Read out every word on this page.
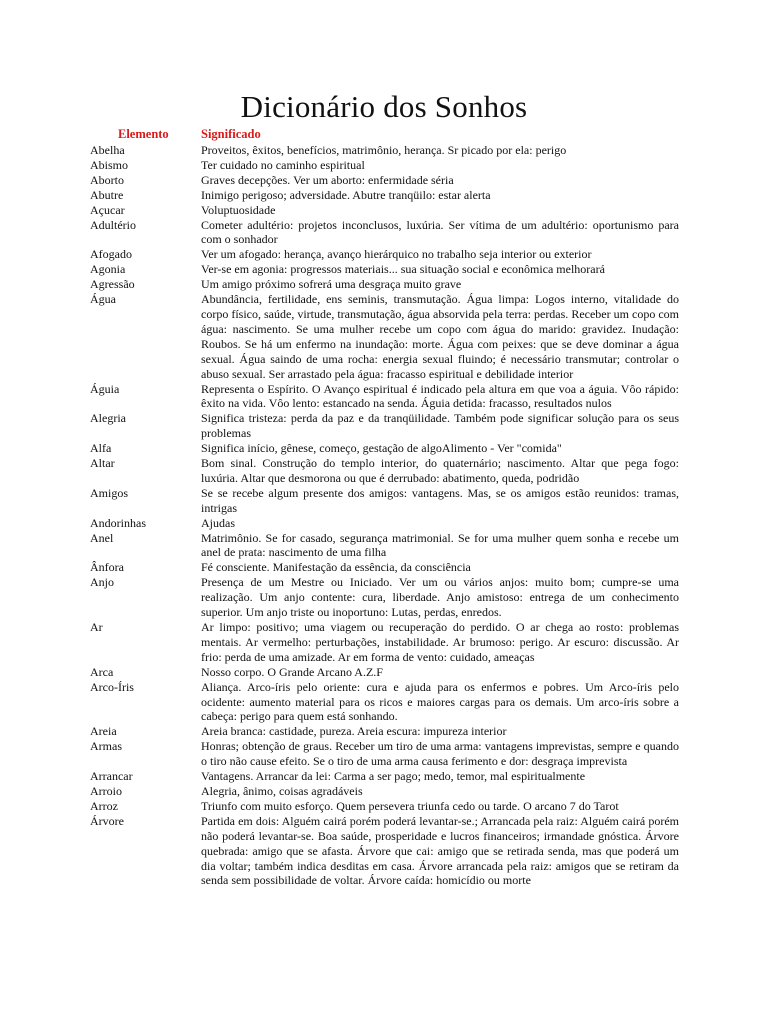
Dicionário dos Sonhos
Elemento	Significado
Abelha	Proveitos, êxitos, benefícios, matrimônio, herança. Sr picado por ela: perigo
Abismo	Ter cuidado no caminho espiritual
Aborto	Graves decepções. Ver um aborto: enfermidade séria
Abutre	Inimigo perigoso; adversidade. Abutre tranqüilo: estar alerta
Açucar	Voluptuosidade
Adultério	Cometer adultério: projetos inconclusos, luxúria. Ser vítima de um adultério: oportunismo para com o sonhador
Afogado	Ver um afogado: herança, avanço hierárquico no trabalho seja interior ou exterior
Agonia	Ver-se em agonia: progressos materiais... sua situação social e econômica melhorará
Agressão	Um amigo próximo sofrerá uma desgraça muito grave
Água	Abundância, fertilidade, ens seminis, transmutação. Água limpa: Logos interno, vitalidade do corpo físico, saúde, virtude, transmutação, água absorvida pela terra: perdas. Receber um copo com água: nascimento. Se uma mulher recebe um copo com água do marido: gravidez. Inudação: Roubos. Se há um enfermo na inundação: morte. Água com peixes: que se deve dominar a água sexual. Água saindo de uma rocha: energia sexual fluindo; é necessário transmutar; controlar o abuso sexual. Ser arrastado pela água: fracasso espiritual e debilidade interior
Águia	Representa o Espírito. O Avanço espiritual é indicado pela altura em que voa a águia. Vôo rápido: êxito na vida. Vôo lento: estancado na senda. Águia detida: fracasso, resultados nulos
Alegria	Significa tristeza: perda da paz e da tranqüilidade. Também pode significar solução para os seus problemas
Alfa	Significa início, gênese, começo, gestação de algoAlimento - Ver "comida"
Altar	Bom sinal. Construção do templo interior, do quaternário; nascimento. Altar que pega fogo: luxúria. Altar que desmorona ou que é derrubado: abatimento, queda, podridão
Amigos	Se se recebe algum presente dos amigos: vantagens. Mas, se os amigos estão reunidos: tramas, intrigas
Andorinhas	Ajudas
Anel	Matrimônio. Se for casado, segurança matrimonial. Se for uma mulher quem sonha e recebe um anel de prata: nascimento de uma filha
Ânfora	Fé consciente. Manifestação da essência, da consciência
Anjo	Presença de um Mestre ou Iniciado. Ver um ou vários anjos: muito bom; cumpre-se uma realização. Um anjo contente: cura, liberdade. Anjo amistoso: entrega de um conhecimento superior. Um anjo triste ou inoportuno: Lutas, perdas, enredos.
Ar	Ar limpo: positivo; uma viagem ou recuperação do perdido. O ar chega ao rosto: problemas mentais. Ar vermelho: perturbações, instabilidade. Ar brumoso: perigo. Ar escuro: discussão. Ar frio: perda de uma amizade. Ar em forma de vento: cuidado, ameaças
Arca	Nosso corpo. O Grande Arcano A.Z.F
Arco-Íris	Aliança. Arco-íris pelo oriente: cura e ajuda para os enfermos e pobres. Um Arco-íris pelo ocidente: aumento material para os ricos e maiores cargas para os demais. Um arco-íris sobre a cabeça: perigo para quem está sonhando.
Areia	Areia branca: castidade, pureza. Areia escura: impureza interior
Armas	Honras; obtenção de graus. Receber um tiro de uma arma: vantagens imprevistas, sempre e quando o tiro não cause efeito. Se o tiro de uma arma causa ferimento e dor: desgraça imprevista
Arrancar	Vantagens. Arrancar da lei: Carma a ser pago; medo, temor, mal espiritualmente
Arroio	Alegria, ânimo, coisas agradáveis
Arroz	Triunfo com muito esforço. Quem persevera triunfa cedo ou tarde. O arcano 7 do Tarot
Árvore	Partida em dois: Alguém cairá porém poderá levantar-se.; Arrancada pela raiz: Alguém cairá porém não poderá levantar-se. Boa saúde, prosperidade e lucros financeiros; irmandade gnóstica. Árvore quebrada: amigo que se afasta. Árvore que cai: amigo que se retirada senda, mas que poderá um dia voltar; também indica desditas em casa. Árvore arrancada pela raiz: amigos que se retiram da senda sem possibilidade de voltar. Árvore caída: homicídio ou morte
